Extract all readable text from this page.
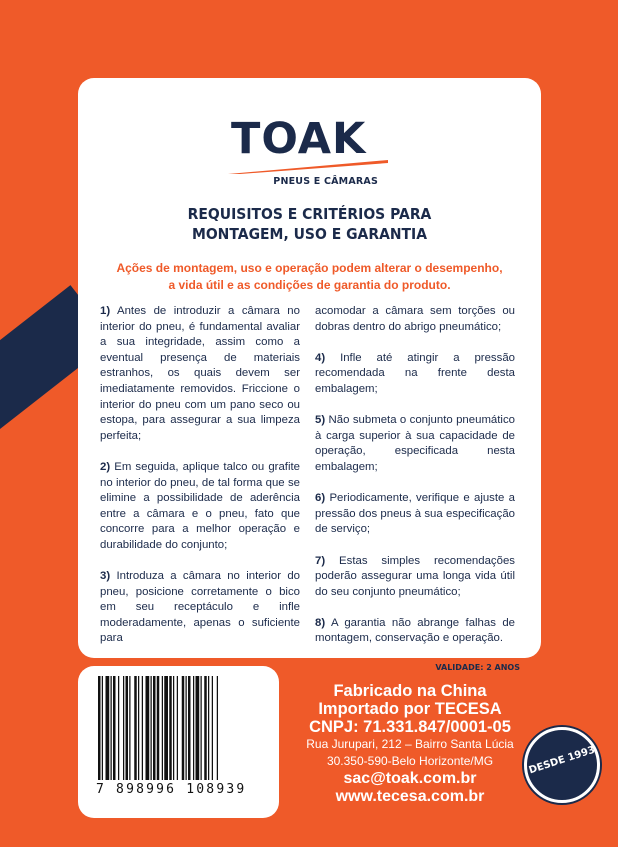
TOAK
PNEUS E CÂMARAS
REQUISITOS E CRITÉRIOS PARA
MONTAGEM, USO E GARANTIA
Ações de montagem, uso e operação podem alterar o desempenho,
a vida útil e as condições de garantia do produto.

1) Antes de introduzir a câmara no interior do pneu, é fundamental avaliar a sua integridade, assim como a eventual presença de materiais estranhos, os quais devem ser imediatamente removidos. Friccione o interior do pneu com um pano seco ou estopa, para assegurar a sua limpeza perfeita;

2) Em seguida, aplique talco ou grafite no interior do pneu, de tal forma que se elimine a possibilidade de aderência entre a câmara e o pneu, fato que concorre para a melhor operação e durabilidade do conjunto;

3) Introduza a câmara no interior do pneu, posicione corretamente o bico em seu receptáculo e infle moderadamente, apenas o suficiente para

acomodar a câmara sem torções ou dobras dentro do abrigo pneumático;

4) Infle até atingir a pressão recomendada na frente desta embalagem;

5) Não submeta o conjunto pneumático à carga superior à sua capacidade de operação, especificada nesta embalagem;

6) Periodicamente, verifique e ajuste a pressão dos pneus à sua especificação de serviço;

7) Estas simples recomendações poderão assegurar uma longa vida útil do seu conjunto pneumático;

8) A garantia não abrange falhas de montagem, conservação e operação.

VALIDADE: 2 ANOS
7 898996 108939
Fabricado na China
Importado por TECESA
CNPJ: 71.331.847/0001-05
Rua Jurupari, 212 – Bairro Santa Lúcia
30.350-590-Belo Horizonte/MG
sac@toak.com.br
www.tecesa.com.br
DESDE 1993
